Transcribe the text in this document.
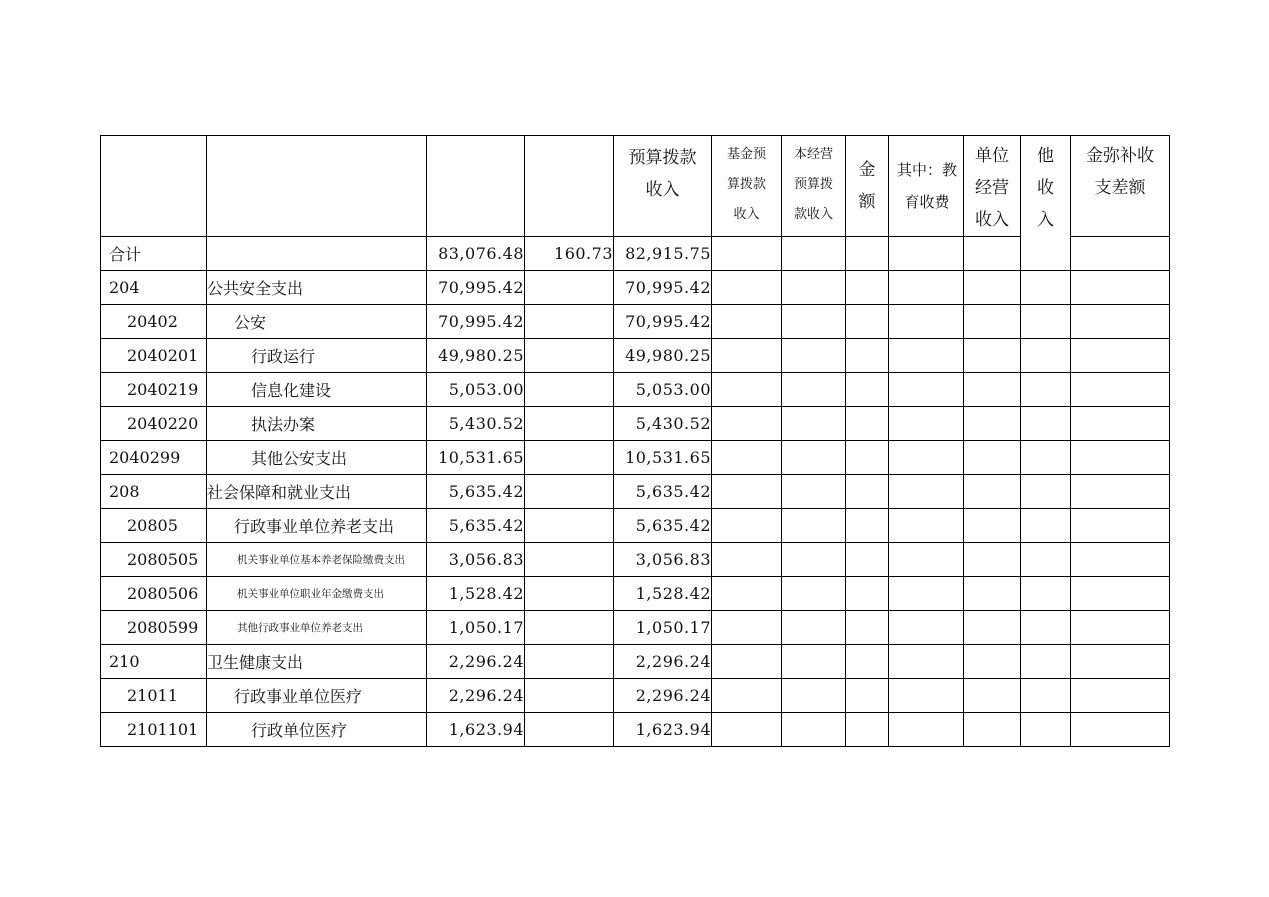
				预算拨款收入	基金预算拨款收入	本经营预算拨款收入	金额	其中：教育收费	单位经营收入	他收入	金弥补收支差额

合计		83,076.48	160.73	82,915.75							
204	公共安全支出	70,995.42		70,995.42							
20402	公安	70,995.42		70,995.42							
2040201	行政运行	49,980.25		49,980.25							
2040219	信息化建设	5,053.00		5,053.00							
2040220	执法办案	5,430.52		5,430.52							
2040299	其他公安支出	10,531.65		10,531.65							
208	社会保障和就业支出	5,635.42		5,635.42							
20805	行政事业单位养老支出	5,635.42		5,635.42							
2080505	机关事业单位基本养老保险缴费支出	3,056.83		3,056.83							
2080506	机关事业单位职业年金缴费支出	1,528.42		1,528.42							
2080599	其他行政事业单位养老支出	1,050.17		1,050.17							
210	卫生健康支出	2,296.24		2,296.24							
21011	行政事业单位医疗	2,296.24		2,296.24							
2101101	行政单位医疗	1,623.94		1,623.94							
